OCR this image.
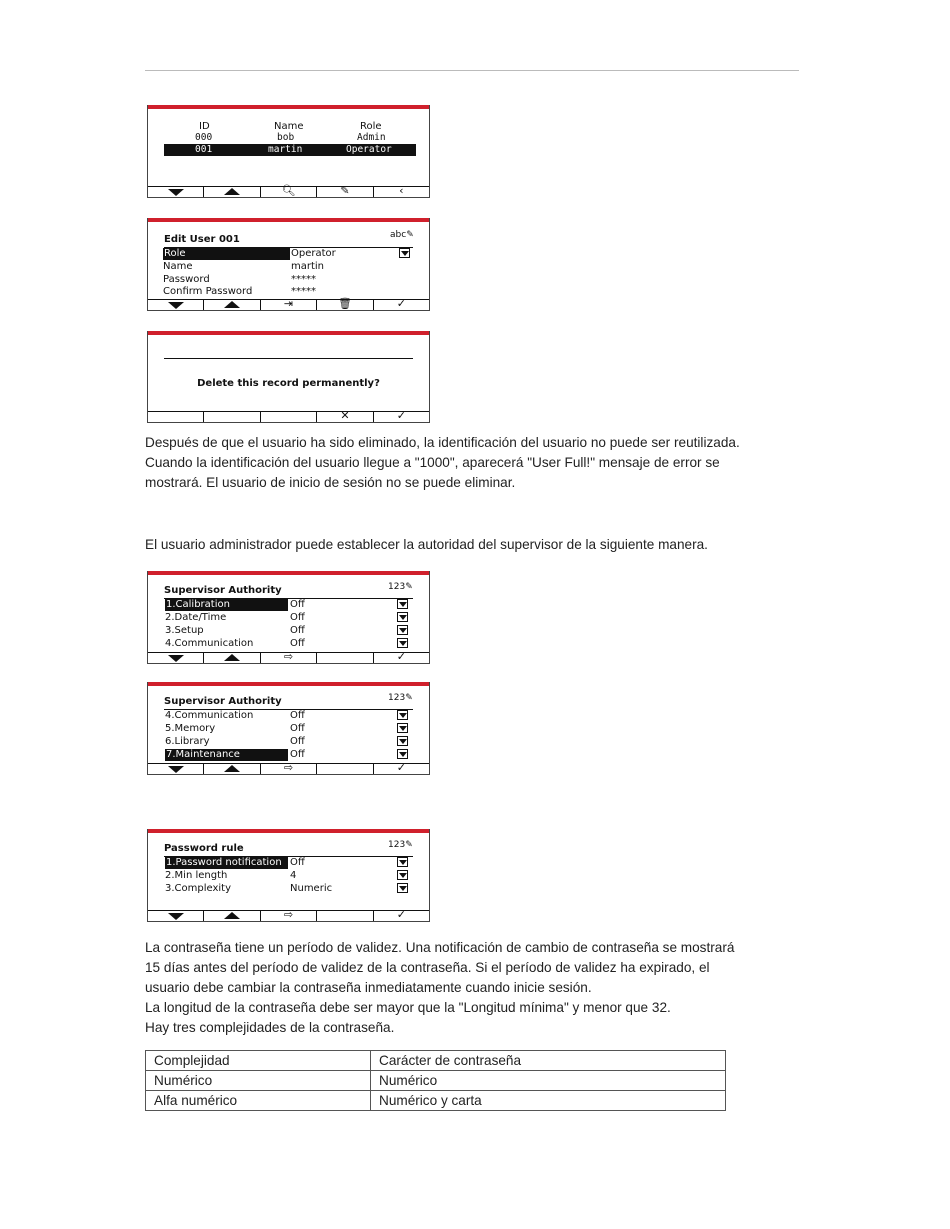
ID	Name	Role
000	bob	Admin
001	martin	Operator
🔍︎	✎	‹
Edit User 001	abc✎
Role	Operator
Name	martin
Password	*****
Confirm Password	*****
⇥	🗑︎	✓
Delete this record permanently?
✕	✓
Después de que el usuario ha sido eliminado, la identificación del usuario no puede ser reutilizada.
Cuando la identificación del usuario llegue a "1000", aparecerá "User Full!" mensaje de error se
mostrará. El usuario de inicio de sesión no se puede eliminar.
El usuario administrador puede establecer la autoridad del supervisor de la siguiente manera.
Supervisor Authority	123✎
1.Calibration	Off
2.Date/Time	Off
3.Setup	Off
4.Communication	Off
⇨	✓
Supervisor Authority	123✎
4.Communication	Off
5.Memory	Off
6.Library	Off
7.Maintenance	Off
⇨	✓
Password rule	123✎
1.Password notification Off
2.Min length	4
3.Complexity	Numeric
⇨	✓
La contraseña tiene un período de validez. Una notificación de cambio de contraseña se mostrará
15 días antes del período de validez de la contraseña. Si el período de validez ha expirado, el
usuario debe cambiar la contraseña inmediatamente cuando inicie sesión.
La longitud de la contraseña debe ser mayor que la "Longitud mínima" y menor que 32.
Hay tres complejidades de la contraseña.
Complejidad	Carácter de contraseña
Numérico	Numérico
Alfa numérico	Numérico y carta
